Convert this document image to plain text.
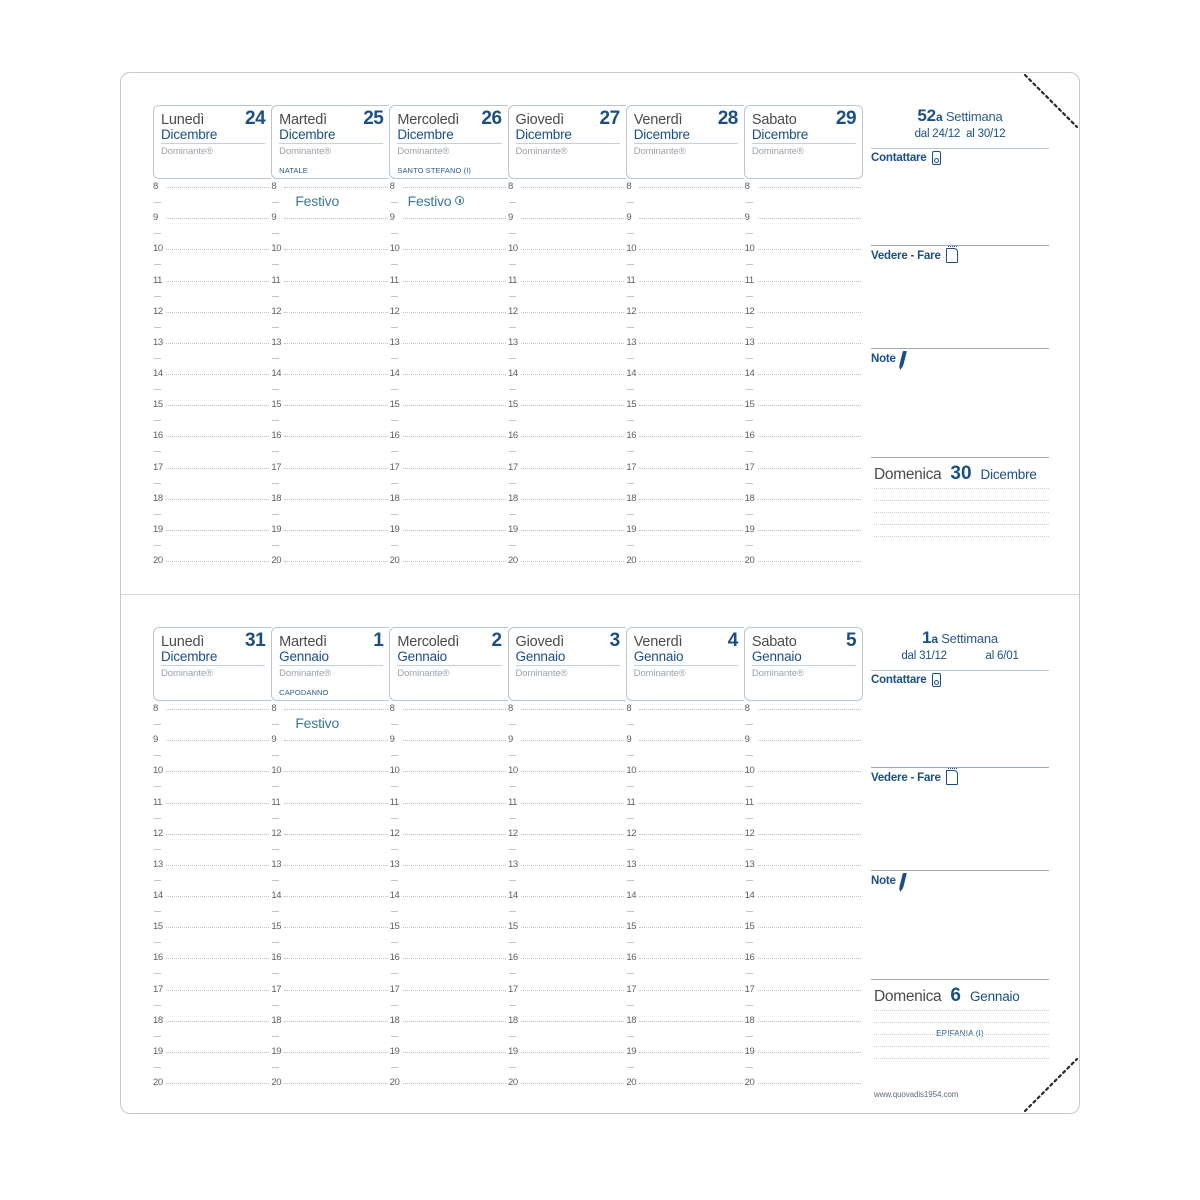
Lunedì 24
Dicembre
Dominante®
Martedì 25
Dicembre
Dominante®
NATALE
Mercoledì 26
Dicembre
Dominante®
SANTO STEFANO (I)
Giovedì 27
Dicembre
Dominante®
Venerdì 28
Dicembre
Dominante®
Sabato 29
Dicembre
Dominante®
8
9
10
11
12
13
14
15
16
17
18
19
20
8
9
10
11
12
13
14
15
16
17
18
19
20
Festivo
8
9
10
11
12
13
14
15
16
17
18
19
20
Festivo
8
9
10
11
12
13
14
15
16
17
18
19
20
8
9
10
11
12
13
14
15
16
17
18
19
20
8
9
10
11
12
13
14
15
16
17
18
19
20
52a Settimana
dal 24/12 al 30/12
Contattare
Vedere - Fare
Note
Domenica 30 Dicembre
Lunedì 31
Dicembre
Dominante®
Martedì 1
Gennaio
Dominante®
CAPODANNO
Mercoledì 2
Gennaio
Dominante®
Giovedì 3
Gennaio
Dominante®
Venerdì 4
Gennaio
Dominante®
Sabato	5
Gennaio
Dominante®
8
9
10
11
12
13
14
15
16
17
18
19
20
8
9
10
11
12
13
14
15
16
17
18
19
20
Festivo
8
9
10
11
12
13
14
15
16
17
18
19
20
8
9
10
11
12
13
14
15
16
17
18
19
20
8
9
10
11
12
13
14
15
16
17
18
19
20
8
9
10
11
12
13
14
15
16
17
18
19
20
1a Settimana
dal 31/12	al 6/01
Contattare
Vedere - Fare
Note
Domenica 6 Gennaio
EPIFANIA (I)
www.quovadis1954.com
